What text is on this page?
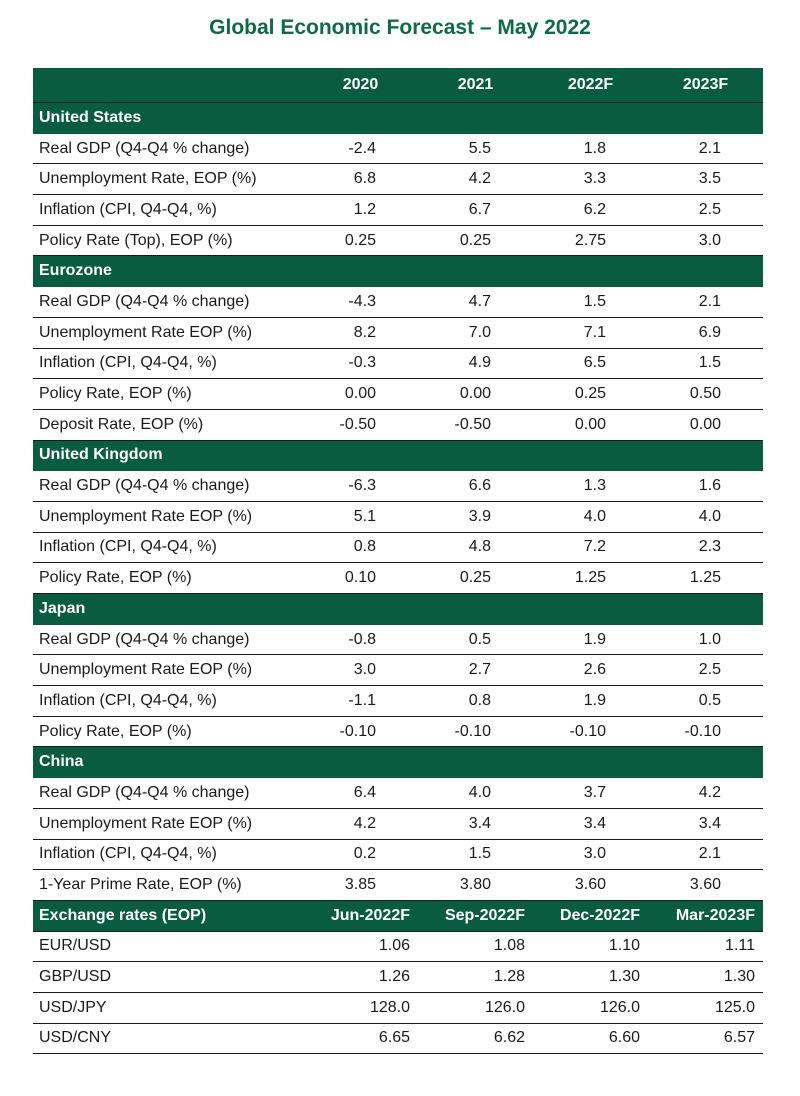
Global Economic Forecast – May 2022
	2020	2021	2022F	2023F
United States				
Real GDP (Q4-Q4 % change)	-2.4	5.5	1.8	2.1
Unemployment Rate, EOP (%)	6.8	4.2	3.3	3.5
Inflation (CPI, Q4-Q4, %)	1.2	6.7	6.2	2.5
Policy Rate (Top), EOP (%)	0.25	0.25	2.75	3.0
Eurozone				
Real GDP (Q4-Q4 % change)	-4.3	4.7	1.5	2.1
Unemployment Rate EOP (%)	8.2	7.0	7.1	6.9
Inflation (CPI, Q4-Q4, %)	-0.3	4.9	6.5	1.5
Policy Rate, EOP (%)	0.00	0.00	0.25	0.50
Deposit Rate, EOP (%)	-0.50	-0.50	0.00	0.00
United Kingdom				
Real GDP (Q4-Q4 % change)	-6.3	6.6	1.3	1.6
Unemployment Rate EOP (%)	5.1	3.9	4.0	4.0
Inflation (CPI, Q4-Q4, %)	0.8	4.8	7.2	2.3
Policy Rate, EOP (%)	0.10	0.25	1.25	1.25
Japan				
Real GDP (Q4-Q4 % change)	-0.8	0.5	1.9	1.0
Unemployment Rate EOP (%)	3.0	2.7	2.6	2.5
Inflation (CPI, Q4-Q4, %)	-1.1	0.8	1.9	0.5
Policy Rate, EOP (%)	-0.10	-0.10	-0.10	-0.10
China				
Real GDP (Q4-Q4 % change)	6.4	4.0	3.7	4.2
Unemployment Rate EOP (%)	4.2	3.4	3.4	3.4
Inflation (CPI, Q4-Q4, %)	0.2	1.5	3.0	2.1
1-Year Prime Rate, EOP (%)	3.85	3.80	3.60	3.60
Exchange rates (EOP)	Jun-2022F	Sep-2022F	Dec-2022F	Mar-2023F
EUR/USD	1.06	1.08	1.10	1.11
GBP/USD	1.26	1.28	1.30	1.30
USD/JPY	128.0	126.0	126.0	125.0
USD/CNY	6.65	6.62	6.60	6.57
